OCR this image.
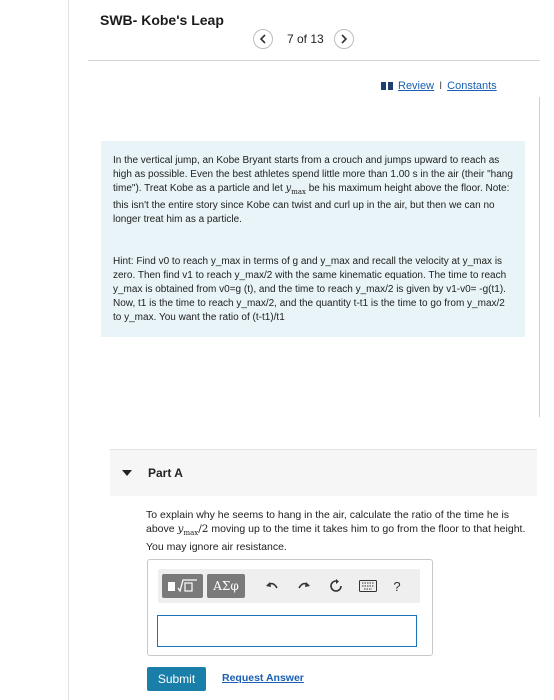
SWB- Kobe's Leap
7 of 13
Review I Constants

In the vertical jump, an Kobe Bryant starts from a crouch and jumps upward to reach as high as possible. Even the best athletes spend little more than 1.00 s in the air (their "hang time"). Treat Kobe as a particle and let $y_{max}$ be his maximum height above the floor. Note: this isn't the entire story since Kobe can twist and curl up in the air, but then we can no longer treat him as a particle.

Hint: Find v0 to reach y_max in terms of g and y_max and recall the velocity at y_max is zero. Then find v1 to reach y_max/2 with the same kinematic equation. The time to reach y_max is obtained from v0=g (t), and the time to reach y_max/2 is given by v1-v0= -g(t1). Now, t1 is the time to reach y_max/2, and the quantity t-t1 is the time to go from y_max/2 to y_max. You want the ratio of (t-t1)/t1

Part A
To explain why he seems to hang in the air, calculate the ratio of the time he is above $y_{max}/2$ moving up to the time it takes him to go from the floor to that height. You may ignore air resistance.
ΑΣφ	?
Submit	Request Answer
